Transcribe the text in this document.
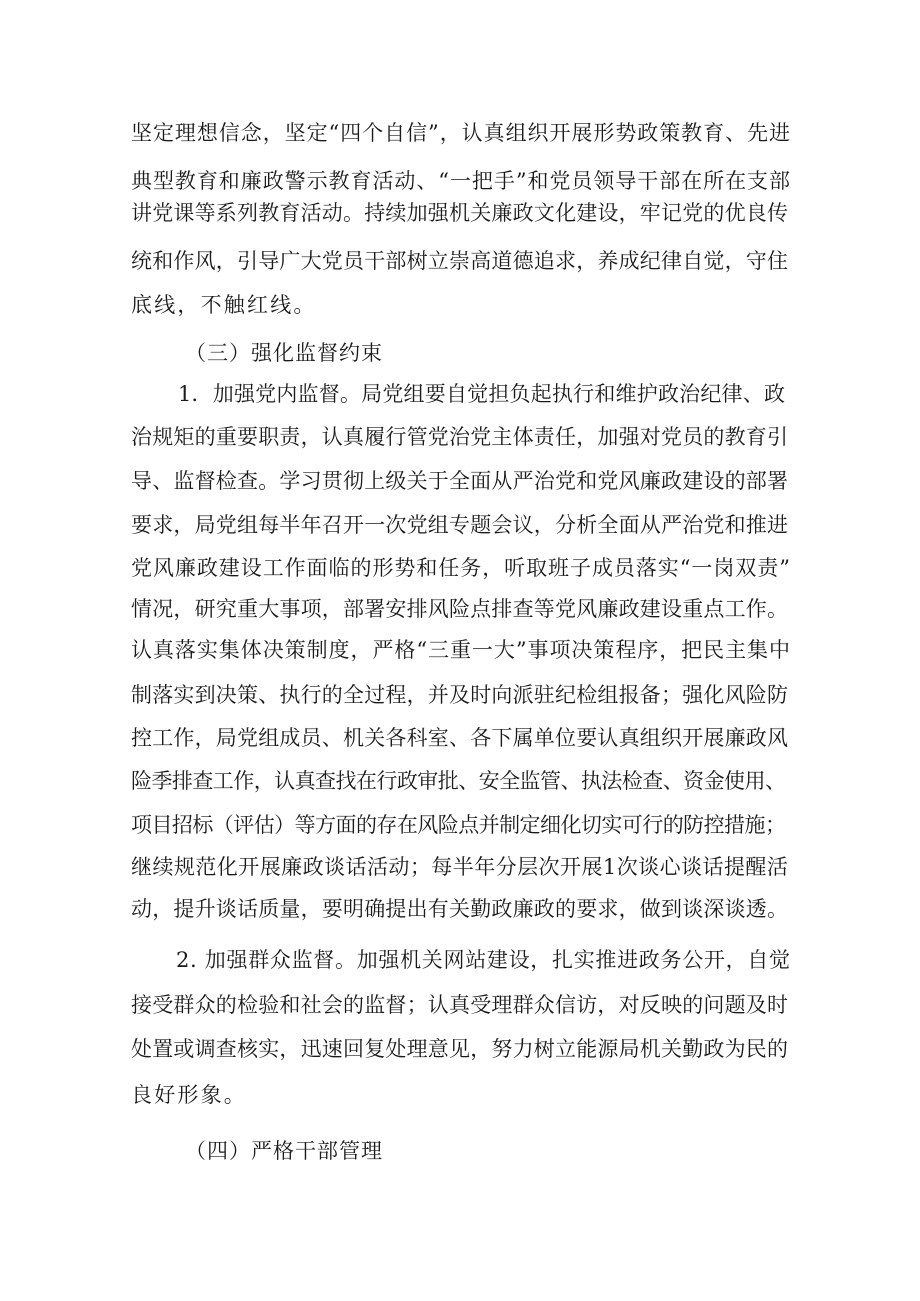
坚定理想信念，坚定“四个自信”，认真组织开展形势政策教育、先进
典型教育和廉政警示教育活动、“一把手”和党员领导干部在所在支部
讲党课等系列教育活动。持续加强机关廉政文化建设，牢记党的优良传
统和作风，引导广大党员干部树立崇高道德追求，养成纪律自觉，守住
底线，不触红线。
（三）强化监督约束
1．加强党内监督。局党组要自觉担负起执行和维护政治纪律、政
治规矩的重要职责，认真履行管党治党主体责任，加强对党员的教育引
导、监督检查。学习贯彻上级关于全面从严治党和党风廉政建设的部署
要求，局党组每半年召开一次党组专题会议，分析全面从严治党和推进
党风廉政建设工作面临的形势和任务，听取班子成员落实“一岗双责”
情况，研究重大事项，部署安排风险点排查等党风廉政建设重点工作。
认真落实集体决策制度，严格“三重一大”事项决策程序，把民主集中
制落实到决策、执行的全过程，并及时向派驻纪检组报备；强化风险防
控工作，局党组成员、机关各科室、各下属单位要认真组织开展廉政风
险季排查工作，认真查找在行政审批、安全监管、执法检查、资金使用、
项目招标（评估）等方面的存在风险点并制定细化切实可行的防控措施；
继续规范化开展廉政谈话活动；每半年分层次开展1次谈心谈话提醒活
动，提升谈话质量，要明确提出有关勤政廉政的要求，做到谈深谈透。
2. 加强群众监督。加强机关网站建设，扎实推进政务公开，自觉
接受群众的检验和社会的监督；认真受理群众信访，对反映的问题及时
处置或调查核实，迅速回复处理意见，努力树立能源局机关勤政为民的
良好形象。
（四）严格干部管理
